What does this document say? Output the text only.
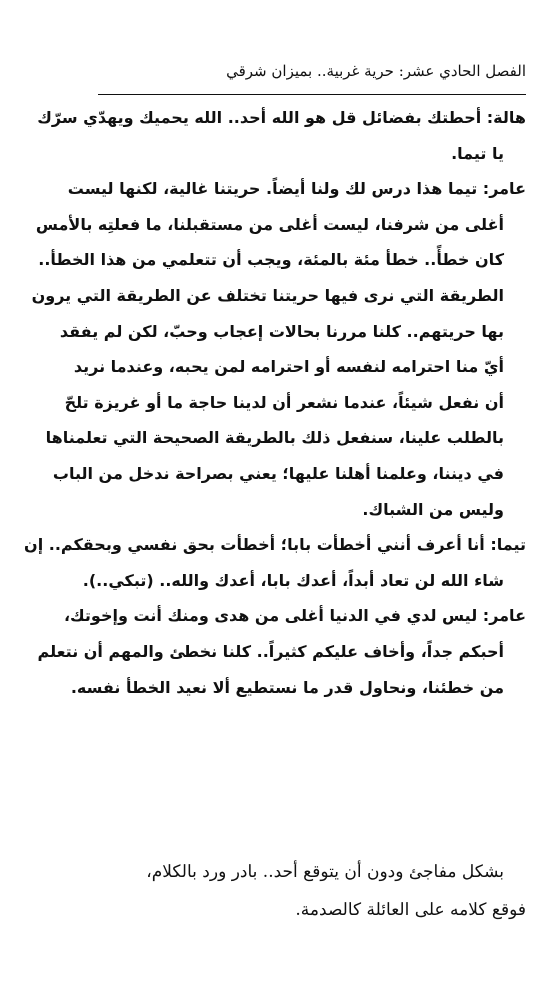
الفصل الحادي عشر: حرية غربية.. بميزان شرقي

هالة: أحطتك بفضائل قل هو الله أحد.. الله يحميك ويهدّي سرّك
يا تيما.

عامر: تيما هذا درس لك ولنا أيضاً. حريتنا غالية، لكنها ليست
أغلى من شرفنا، ليست أغلى من مستقبلنا، ما فعلتِه بالأمس
كان خطأً.. خطأ مئة بالمئة، ويجب أن تتعلمي من هذا الخطأ..
الطريقة التي نرى فيها حريتنا تختلف عن الطريقة التي يرون
بها حريتهم.. كلنا مررنا بحالات إعجاب وحبّ، لكن لم يفقد
أيّ منا احترامه لنفسه أو احترامه لمن يحبه، وعندما نريد
أن نفعل شيئاً، عندما نشعر أن لدينا حاجة ما أو غريزة تلحّ
بالطلب علينا، سنفعل ذلك بالطريقة الصحيحة التي تعلمناها
في ديننا، وعلمنا أهلنا عليها؛ يعني بصراحة ندخل من الباب
وليس من الشباك.

تيما: أنا أعرف أنني أخطأت بابا؛ أخطأت بحق نفسي وبحقكم.. إن
شاء الله لن تعاد أبداً، أعدك بابا، أعدك والله.. (تبكي..).

عامر: ليس لدي في الدنيا أغلى من هدى ومنك أنت وإخوتك،
أحبكم جداً، وأخاف عليكم كثيراً.. كلنا نخطئ والمهم أن نتعلم
من خطئنا، ونحاول قدر ما نستطيع ألا نعيد الخطأ نفسه.

بشكل مفاجئ ودون أن يتوقع أحد.. بادر ورد بالكلام،

فوقع كلامه على العائلة كالصدمة.
